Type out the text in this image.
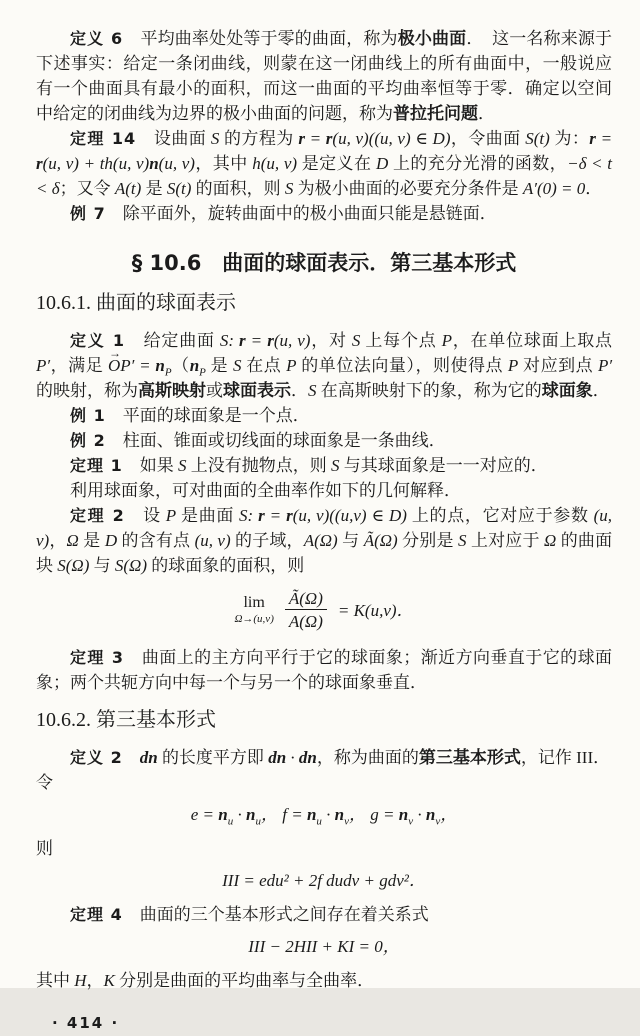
定义 6　平均曲率处处等于零的曲面，称为极小曲面．　这一名称来源于下述事实：给定一条闭曲线，则蒙在这一闭曲线上的所有曲面中，一般说应有一个曲面具有最小的面积，而这一曲面的平均曲率恒等于零．确定以空间中给定的闭曲线为边界的极小曲面的问题，称为普拉托问题．
定理 14　设曲面 S 的方程为 r = r(u, v)((u, v) ∈ D)，令曲面 S(t) 为：r = r(u, v) + th(u, v)n(u, v)，其中 h(u, v) 是定义在 D 上的充分光滑的函数，−δ < t < δ；又令 A(t) 是 S(t) 的面积，则 S 为极小曲面的必要充分条件是 A′(0) = 0．
例 7　除平面外，旋转曲面中的极小曲面只能是悬链面．
§ 10.6　曲面的球面表示．第三基本形式
10.6.1. 曲面的球面表示
定义 1　给定曲面 S: r = r(u, v)，对 S 上每个点 P，在单位球面上取点 P′，满足 OP′ → = $n_P(n_P$ 是 S 在点 P 的单位法向量），则使得点 P 对应到点 P′ 的映射，称为高斯映射或球面表示．S 在高斯映射下的象，称为它的球面象．
例 1　平面的球面象是一个点．
例 2　柱面、锥面或切线面的球面象是一条曲线．
定理 1　如果 S 上没有抛物点，则 S 与其球面象是一一对应的．
利用球面象，可对曲面的全曲率作如下的几何解释．
定理 2　设 P 是曲面 S: r = r(u, v)((u,v) ∈ D) 上的点，它对应于参数 (u, v)，Ω 是 D 的含有点 (u, v) 的子域，A(Ω) 与 Ã(Ω) 分别是 S 上对应于 Ω 的曲面块 S(Ω) 与 S(Ω) 的球面象的面积，则
lim
$\Omega\to(u,v) \frac{Ã(\Omega)}{A(\Omega)} = K(u,v)$．
定理 3　曲面上的主方向平行于它的球面象；渐近方向垂直于它的球面象；两个共轭方向中每一个与另一个的球面象垂直．
10.6.2. 第三基本形式
定义 2　 dn 的长度平方即 dn · dn，称为曲面的第三基本形式，记作 III．
令
$e = n_u \cdot n_u$， $f = n_u \cdot n_v$， $g = n_v \cdot n_v$，
则
III = edu² + 2f dudv + gdv²．
定理 4　曲面的三个基本形式之间存在着关系式
III − 2HII + KI = 0，
其中 H，K 分别是曲面的平均曲率与全曲率．
· 414 ·
